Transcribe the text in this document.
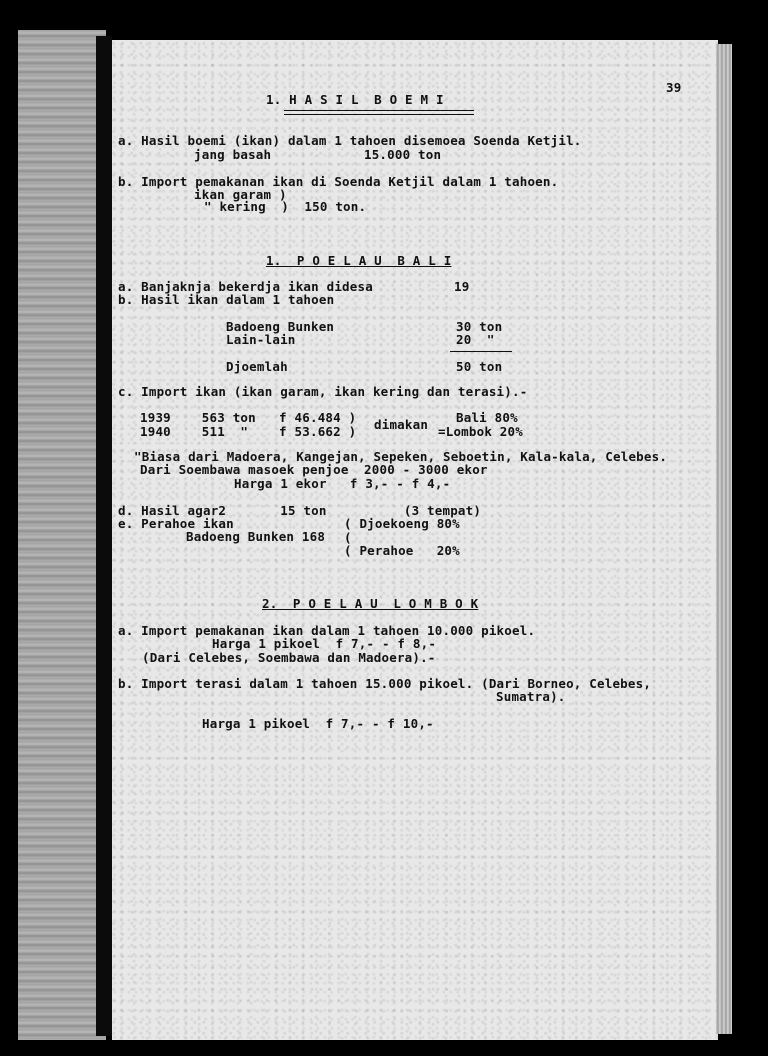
39
1. H A S I L  B O E M I
a. Hasil boemi (ikan) dalam 1 tahoen disemoea Soenda Ketjil.
jang basah            15.000 ton
b. Import pemakanan ikan di Soenda Ketjil dalam 1 tahoen.
ikan garam )
" kering  )  150 ton.
1.  P O E L A U  B A L I
a. Banjaknja bekerdja ikan didesa	19
b. Hasil ikan dalam 1 tahoen
Badoeng Bunken	30 ton
Lain-lain	20  "
Djoemlah	50 ton
c. Import ikan (ikan garam, ikan kering dan terasi).-
1939    563 ton   f 46.484 )
1940    511  "    f 53.662 ) dimakan Bali 80%
=Lombok 20%
"Biasa dari Madoera, Kangejan, Sepeken, Seboetin, Kala-kala, Celebes.
Dari Soembawa masoek penjoe  2000 - 3000 ekor
Harga 1 ekor   f 3,- - f 4,-
d. Hasil agar2       15 ton          (3 tempat)
e. Perahoe ikan
Badoeng Bunken 168
( Djoekoeng 80%
(
( Perahoe   20%
2.  P O E L A U  L O M B O K
a. Import pemakanan ikan dalam 1 tahoen 10.000 pikoel.
Harga 1 pikoel  f 7,- - f 8,-
(Dari Celebes, Soembawa dan Madoera).-
b. Import terasi dalam 1 tahoen 15.000 pikoel. (Dari Borneo, Celebes,
Sumatra).
Harga 1 pikoel  f 7,- - f 10,-
